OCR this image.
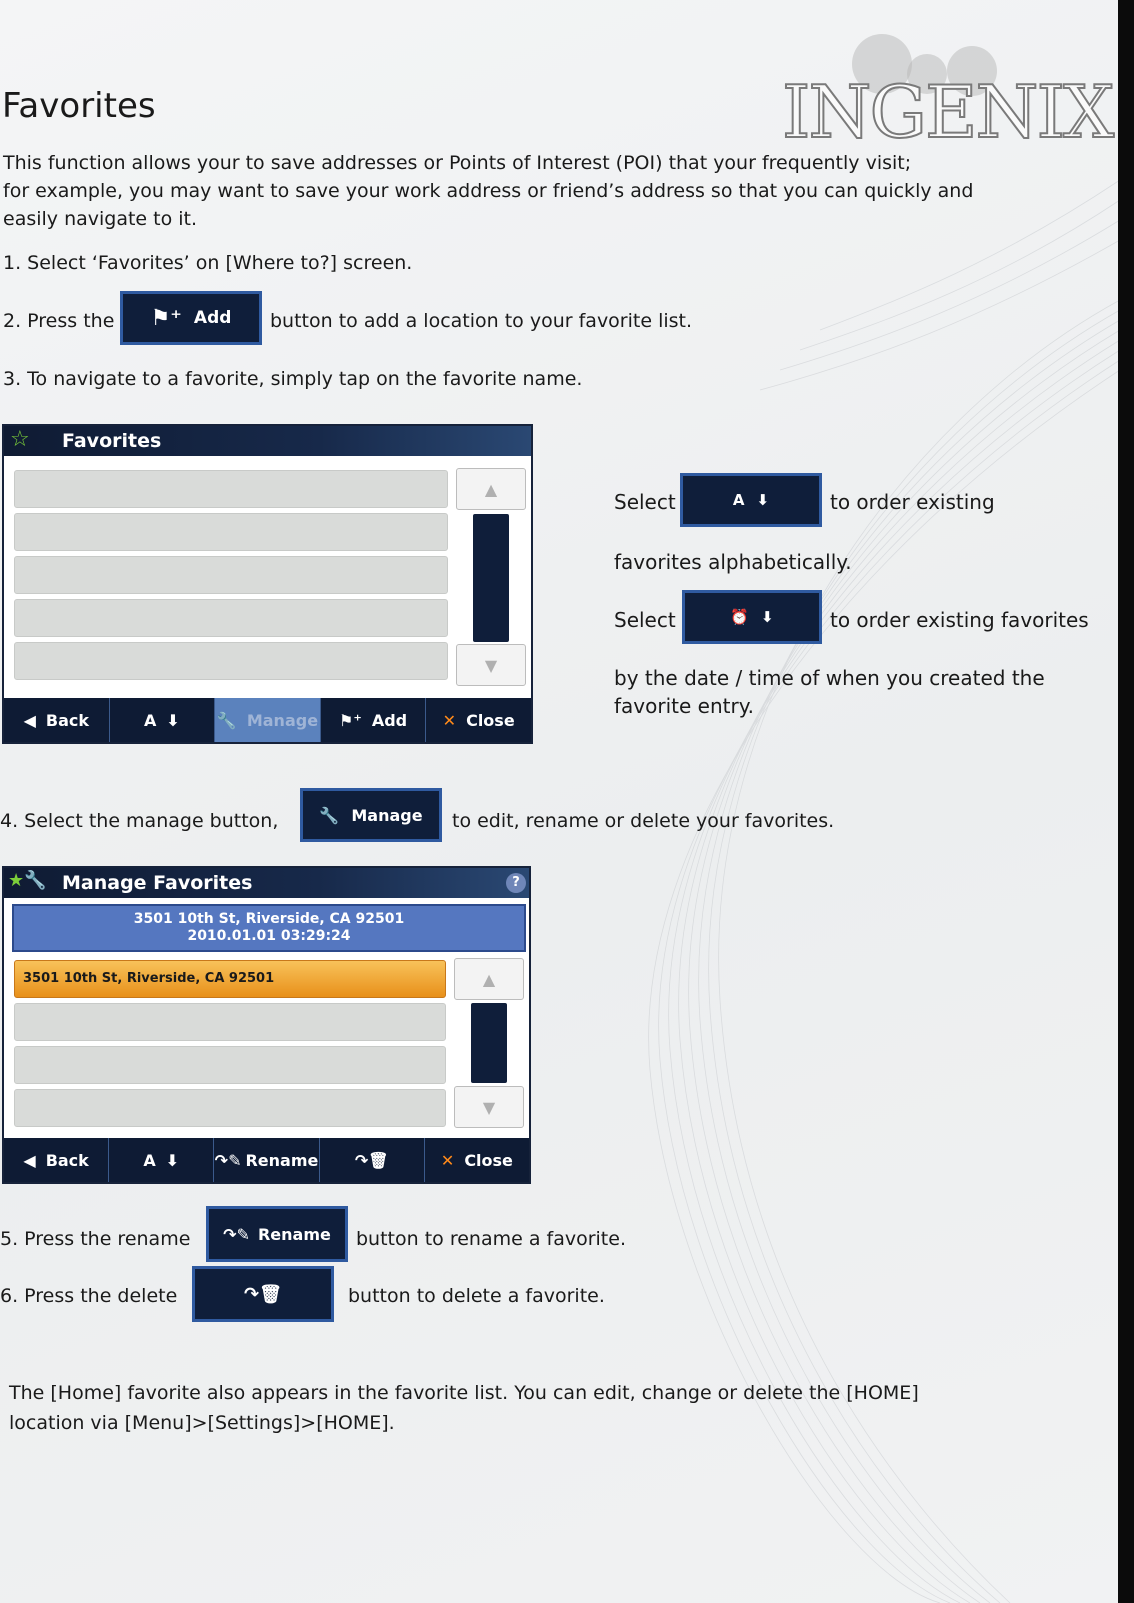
INGENIX
Favorites
This function allows your to save addresses or Points of Interest (POI) that your frequently visit;
for example, you may want to save your work address or friend’s address so that you can quickly and
easily navigate to it.
1. Select ‘Favorites’ on [Where to?] screen.
2. Press the ⚑⁺ Add button to add a location to your favorite list.
3. To navigate to a favorite, simply tap on the favorite name.
☆ Favorites
▲
▼
◀ Back	A ⬇ 🔧 Manage ⚑⁺ Add ✕ Close
Select	A ⬇	to order existing
favorites alphabetically.
Select	⏰ ⬇	to order existing favorites
by the date / time of when you created the
favorite entry.
4. Select the manage button,	🔧 Manage to edit, rename or delete your favorites.
★🔧 Manage Favorites	?
3501 10th St, Riverside, CA 92501
2010.01.01 03:29:24
3501 10th St, Riverside, CA 92501	▲
▼
◀ Back	A ⬇ ↷✎ Rename ↷🗑	✕ Close
5. Press the rename ↷✎ Rename button to rename a favorite.
6. Press the delete	↷🗑	button to delete a favorite.
The [Home] favorite also appears in the favorite list. You can edit, change or delete the [HOME]
location via [Menu]>[Settings]>[HOME].
